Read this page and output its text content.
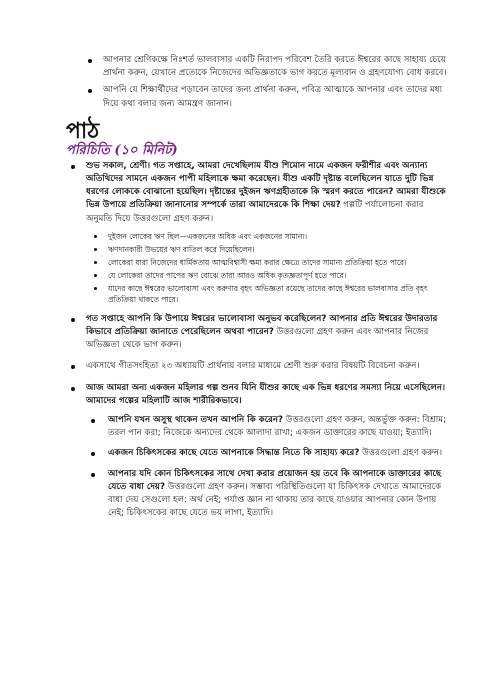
আপনার শ্রেণিকক্ষে নিঃশর্ত ভালবাসার একটি নিরাপদ পরিবেশ তৈরি করতে ঈশ্বরের কাছে সাহায্য চেয়ে প্রার্থনা করুন, যেখানে প্রত্যেকে নিজেদের অভিজ্ঞতাকে ভাগ করতে মূল্যবান ও গ্রহণযোগ্য বোধ করবে।
আপনি যে শিক্ষার্থীদের পড়াবেন তাদের জন্য প্রার্থনা করুন, পবিত্র আত্মাকে আপনার এবং তাদের মধ্য দিয়ে কথা বলার জন্য আমন্ত্রণ জানান।
পাঠ
পরিচিতি (১০ মিনিট)
শুভ সকাল, শ্রেণী। গত সপ্তাহে, আমরা দেখেছিলাম যীশু শিমোন নামে একজন ফরীশীর এবং অন্যান্য অতিথিদের সামনে একজন পাপী মহিলাকে ক্ষমা করেছেন। যীশু একটি দৃষ্টান্ত বলেছিলেন যাতে দুটি ভিন্ন ধরণের লোককে বোঝানো হয়েছিল। দৃষ্টান্তের দুইজন ঋণগ্রহীতাকে কি স্মরণ করতে পারেন? আমরা যীশুকে ভিন্ন উপায়ে প্রতিক্রিয়া জানানোর সম্পর্কে তারা আমাদেরকে কি শিক্ষা দেয়? গল্পটি পর্যালোচনা করার অনুমতি দিয়ে উত্তরগুলো গ্রহণ করুন।
দুইজন লোকের ঋণ ছিল—একজনের অধিক এবং একজনের সামান্য।
ঋণদানকারী উভয়ের ঋণ বাতিল করে দিয়েছিলেন।
লোকেরা যারা নিজেদের ধার্মিকতায় আত্মবিশ্বাসী ক্ষমা করার ক্ষেত্রে তাদের সামান্য প্রতিক্রিয়া হতে পারে।
যে লোকেরা তাদের পাপের ঋণ বোঝে তারা আরও অধিক কৃতজ্ঞতাপূর্ণ হতে পারে।
যাদের কাছে ঈশ্বরের ভালোবাসা এবং করুণার বৃহৎ অভিজ্ঞতা রয়েছে তাদের কাছে ঈশ্বরের ভালবাসার প্রতি বৃহৎ প্রতিক্রিয়া থাকতে পারে।
গত সপ্তাহে আপনি কি উপায়ে ঈশ্বরের ভালোবাসা অনুভব করেছিলেন? আপনার প্রতি ঈশ্বরের উদারতার কিভাবে প্রতিক্রিয়া জানাতে পেরেছিলেন অথবা পারেন? উত্তরগুলো গ্রহণ করুন এবং আপনার নিজের অভিজ্ঞতা থেকে ভাগ করুন।
একসাথে গীতসংহিতা ২৩ অধ্যায়টি প্রার্থনায় বলার মাধ্যমে শ্রেণী শুরু করার বিষয়টি বিবেচনা করুন।
আজ আমরা অন্য একজন মহিলার গল্প শুনব যিনি যীশুর কাছে এক ভিন্ন ধরণের সমস্যা নিয়ে এসেছিলেন। আমাদের গল্পের মহিলাটি আজ শারীরিকভাবে।
আপনি যখন অসুস্থ থাকেন তখন আপনি কি করেন? উত্তরগুলো গ্রহণ করুন, অন্তর্ভুক্ত করুন: বিশ্রাম; তরল পান করা; নিজেকে অন্যদের থেকে আলাদা রাখা; একজন ডাক্তারের কাছে যাওয়া; ইত্যাদি।
একজন চিকিৎসকের কাছে যেতে আপনাকে সিদ্ধান্ত নিতে কি সাহায্য করে? উত্তরগুলো গ্রহণ করুন।
আপনার যদি কোন চিকিৎসকের সাথে দেখা করার প্রয়োজন হয় তবে কি আপনাকে ডাক্তারের কাছে যেতে বাধা দেয়? উত্তরগুলো গ্রহণ করুন। সম্ভাব্য পরিস্থিতিগুলো যা চিকিৎসক দেখাতে আমাদেরকে বাধা দেয় সেগুলো হল: অর্থ নেই; পর্যাপ্ত জ্ঞান না থাকায় তার কাছে যাওয়ার আপনার কোন উপায় নেই; চিকিৎসকের কাছে যেতে ভয় লাগা, ইত্যাদি।
